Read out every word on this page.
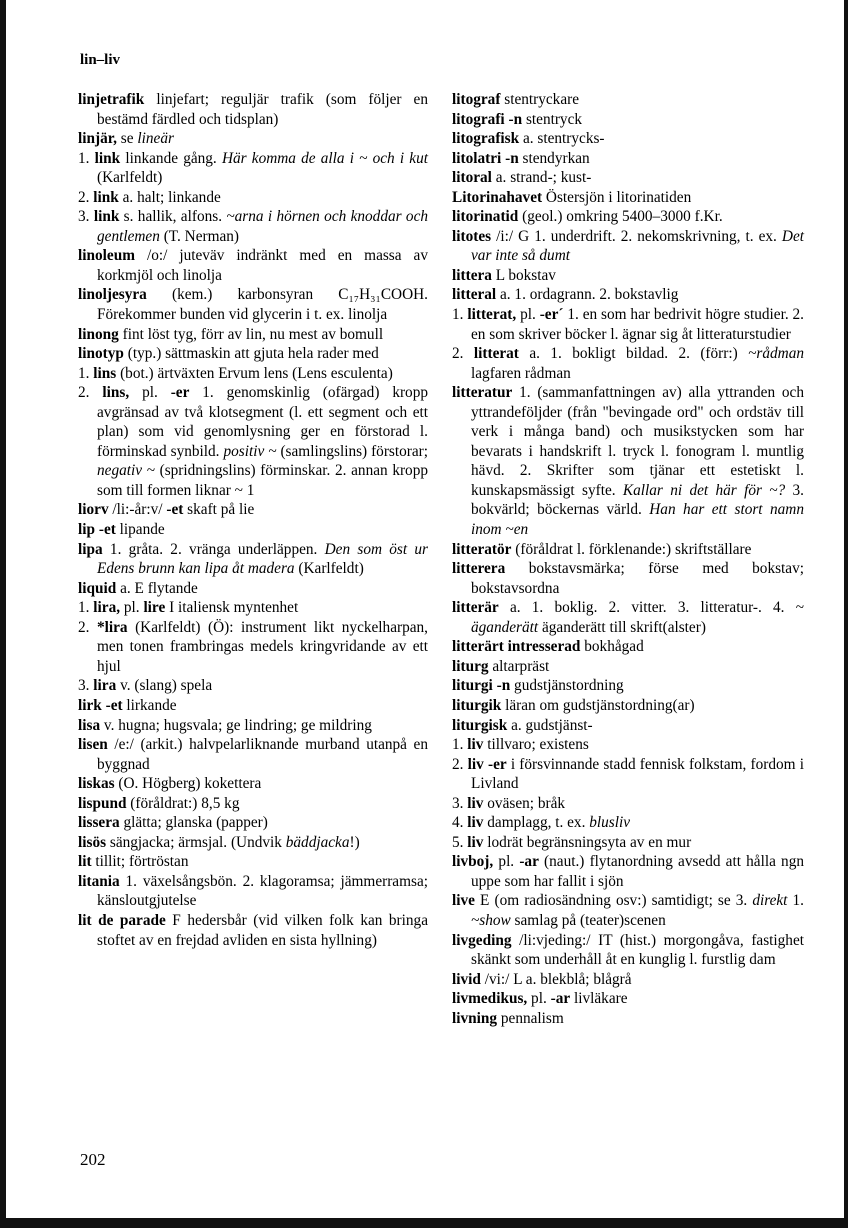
lin–liv

linjetrafik linjefart; reguljär trafik (som följer en bestämd färdled och tidsplan)

linjär, se lineär

1. link linkande gång. Här komma de alla i ~ och i kut (Karlfeldt)

2. link a. halt; linkande

3. link s. hallik, alfons. ~arna i hörnen och knoddar och gentlemen (T. Nerman)

linoleum /o:/ juteväv indränkt med en massa av korkmjöl och linolja

linoljesyra (kem.) karbonsyran C₁₇H₃₁COOH. Förekommer bunden vid glycerin i t. ex. linolja

linong fint löst tyg, förr av lin, nu mest av bomull

linotyp (typ.) sättmaskin att gjuta hela rader med

1. lins (bot.) ärtväxten Ervum lens (Lens esculenta)

2. lins, pl. -er 1. genomskinlig (ofärgad) kropp avgränsad av två klotsegment (l. ett segment och ett plan) som vid genomlysning ger en förstorad l. förminskad synbild. positiv ~ (samlingslins) förstorar; negativ ~ (spridningslins) förminskar. 2. annan kropp som till formen liknar ~ 1

liorv /li:-år:v/ -et skaft på lie

lip -et lipande

lipa 1. gråta. 2. vränga underläppen. Den som öst ur Edens brunn kan lipa åt madera (Karlfeldt)

liquid a. E flytande

1. lira, pl. lire I italiensk myntenhet

2. *lira (Karlfeldt) (Ö): instrument likt nyckelharpan, men tonen frambringas medels kringvridande av ett hjul

3. lira v. (slang) spela

lirk -et lirkande

lisa v. hugna; hugsvala; ge lindring; ge mildring

lisen /e:/ (arkit.) halvpelarliknande murband utanpå en byggnad

liskas (O. Högberg) kokettera

lispund (föråldrat:) 8,5 kg

lissera glätta; glanska (papper)

lisös sängjacka; ärmsjal. (Undvik bäddjacka!)

lit tillit; förtröstan

litania 1. växelsångsbön. 2. klagoramsa; jämmerramsa; känsloutgjutelse

lit de parade F hedersbår (vid vilken folk kan bringa stoftet av en frejdad avliden en sista hyllning)

litograf stentryckare

litografi -n stentryck

litografisk a. stentrycks-

litolatri -n stendyrkan

litoral a. strand-; kust-

Litorinahavet Östersjön i litorinatiden

litorinatid (geol.) omkring 5400–3000 f.Kr.

litotes /i:/ G 1. underdrift. 2. nekomskrivning, t. ex. Det var inte så dumt

littera L bokstav

litteral a. 1. ordagrann. 2. bokstavlig

1. litterat, pl. -er´ 1. en som har bedrivit högre studier. 2. en som skriver böcker l. ägnar sig åt litteraturstudier

2. litterat a. 1. bokligt bildad. 2. (förr:) ~rådman lagfaren rådman

litteratur 1. (sammanfattningen av) alla yttranden och yttrandeföljder (från "bevingade ord" och ordstäv till verk i många band) och musikstycken som har bevarats i handskrift l. tryck l. fonogram l. muntlig hävd. 2. Skrifter som tjänar ett estetiskt l. kunskapsmässigt syfte. Kallar ni det här för ~? 3. bokvärld; böckernas värld. Han har ett stort namn inom ~en

litteratör (föråldrat l. förklenande:) skriftställare

litterera bokstavsmärka; förse med bokstav; bokstavsordna

litterär a. 1. boklig. 2. vitter. 3. litteratur-. 4. ~ äganderätt äganderätt till skrift(alster)

litterärt intresserad bokhågad

liturg altarpräst

liturgi -n gudstjänstordning

liturgik läran om gudstjänstordning(ar)

liturgisk a. gudstjänst-

1. liv tillvaro; existens

2. liv -er i försvinnande stadd fennisk folkstam, fordom i Livland

3. liv oväsen; bråk

4. liv damplagg, t. ex. blusliv

5. liv lodrät begränsningsyta av en mur

livboj, pl. -ar (naut.) flytanordning avsedd att hålla ngn uppe som har fallit i sjön

live E (om radiosändning osv:) samtidigt; se 3. direkt 1. ~show samlag på (teater)scenen

livgeding /li:vjeding:/ IT (hist.) morgongåva, fastighet skänkt som underhåll åt en kunglig l. furstlig dam

livid /vi:/ L a. blekblå; blågrå

livmedikus, pl. -ar livläkare

livning pennalism

202
